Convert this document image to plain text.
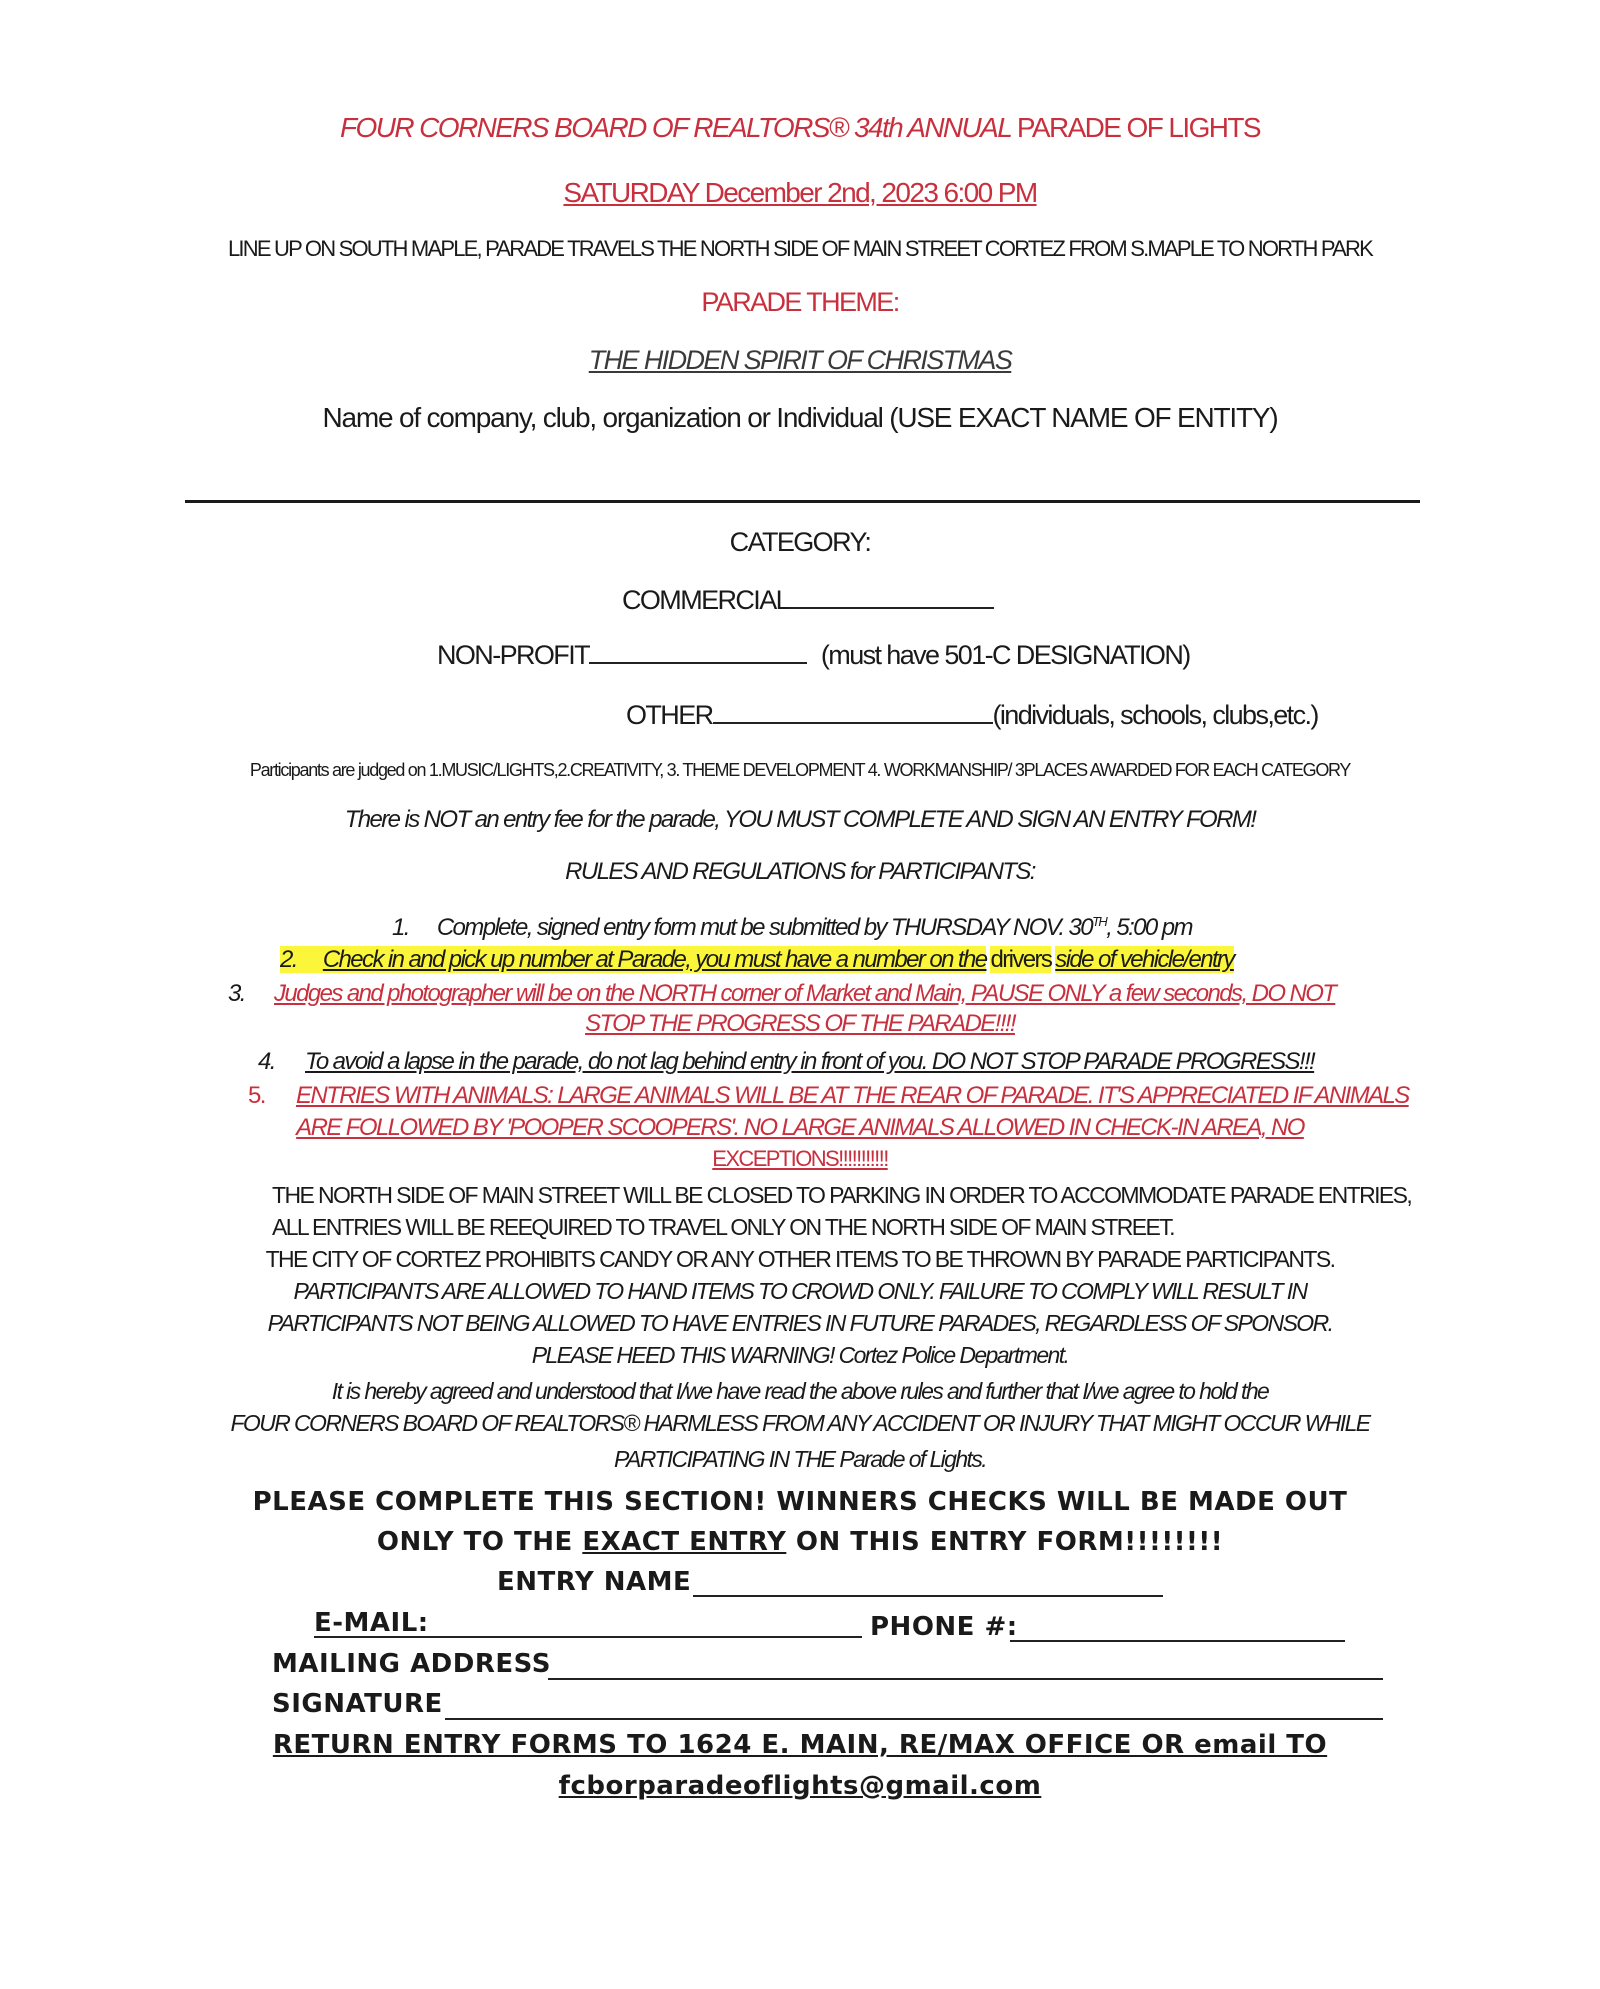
FOUR CORNERS BOARD OF REALTORS® 34th ANNUAL PARADE OF LIGHTS
SATURDAY December 2nd, 2023 6:00 PM
LINE UP ON SOUTH MAPLE, PARADE TRAVELS THE NORTH SIDE OF MAIN STREET CORTEZ FROM S.MAPLE TO NORTH PARK
PARADE THEME:
THE HIDDEN SPIRIT OF CHRISTMAS
Name of company, club, organization or Individual (USE EXACT NAME OF ENTITY)
CATEGORY:
COMMERCIAL
NON-PROFIT	(must have 501-C DESIGNATION)
OTHER	(individuals, schools, clubs,etc.)
Participants are judged on 1.MUSIC/LIGHTS,2.CREATIVITY, 3. THEME DEVELOPMENT 4. WORKMANSHIP/ 3PLACES AWARDED FOR EACH CATEGORY
There is NOT an entry fee for the parade, YOU MUST COMPLETE AND SIGN AN ENTRY FORM!
RULES AND REGULATIONS for PARTICIPANTS:
1. Complete, signed entry form mut be submitted by THURSDAY NOV. 30TH, 5:00 pm
2. Check in and pick up number at Parade, you must have a number on the drivers side of vehicle/entry
3. Judges and photographer will be on the NORTH corner of Market and Main, PAUSE ONLY a few seconds, DO NOT
STOP THE PROGRESS OF THE PARADE!!!!
4. To avoid a lapse in the parade, do not lag behind entry in front of you. DO NOT STOP PARADE PROGRESS!!!
5. ENTRIES WITH ANIMALS: LARGE ANIMALS WILL BE AT THE REAR OF PARADE. IT'S APPRECIATED IF ANIMALS
ARE FOLLOWED BY 'POOPER SCOOPERS'. NO LARGE ANIMALS ALLOWED IN CHECK-IN AREA, NO
EXCEPTIONS!!!!!!!!!!!
THE NORTH SIDE OF MAIN STREET WILL BE CLOSED TO PARKING IN ORDER TO ACCOMMODATE PARADE ENTRIES,
ALL ENTRIES WILL BE REEQUIRED TO TRAVEL ONLY ON THE NORTH SIDE OF MAIN STREET.
THE CITY OF CORTEZ PROHIBITS CANDY OR ANY OTHER ITEMS TO BE THROWN BY PARADE PARTICIPANTS.
PARTICIPANTS ARE ALLOWED TO HAND ITEMS TO CROWD ONLY. FAILURE TO COMPLY WILL RESULT IN
PARTICIPANTS NOT BEING ALLOWED TO HAVE ENTRIES IN FUTURE PARADES, REGARDLESS OF SPONSOR.
PLEASE HEED THIS WARNING! Cortez Police Department.
It is hereby agreed and understood that I/we have read the above rules and further that I/we agree to hold the
FOUR CORNERS BOARD OF REALTORS® HARMLESS FROM ANY ACCIDENT OR INJURY THAT MIGHT OCCUR WHILE
PARTICIPATING IN THE Parade of Lights.
PLEASE COMPLETE THIS SECTION! WINNERS CHECKS WILL BE MADE OUT
ONLY TO THE EXACT ENTRY ON THIS ENTRY FORM!!!!!!!!
ENTRY NAME
E-MAIL:	PHONE #:
MAILING ADDRESS
SIGNATURE
RETURN ENTRY FORMS TO 1624 E. MAIN, RE/MAX OFFICE OR email TO
fcborparadeoflights@gmail.com
